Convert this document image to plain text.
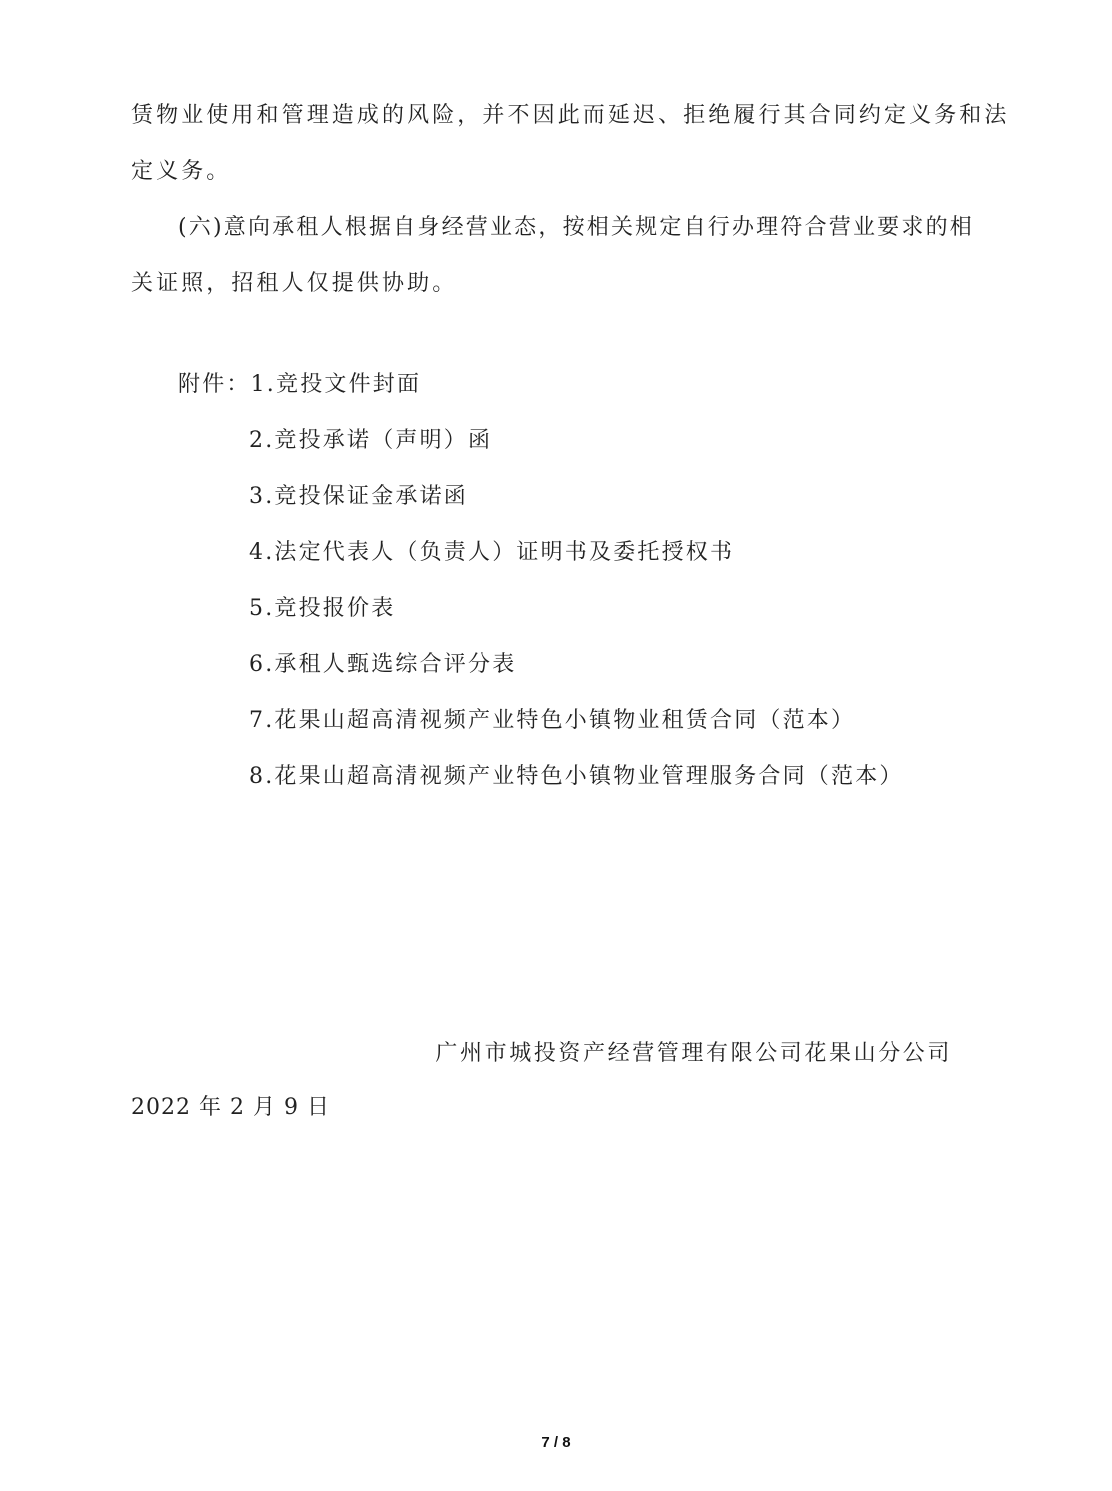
赁物业使用和管理造成的风险，并不因此而延迟、拒绝履行其合同约定义务和法
定义务。
(六)意向承租人根据自身经营业态，按相关规定自行办理符合营业要求的相
关证照，招租人仅提供协助。
附件：1.竞投文件封面
2.竞投承诺（声明）函
3.竞投保证金承诺函
4.法定代表人（负责人）证明书及委托授权书
5.竞投报价表
6.承租人甄选综合评分表
7.花果山超高清视频产业特色小镇物业租赁合同（范本）
8.花果山超高清视频产业特色小镇物业管理服务合同（范本）
广州市城投资产经营管理有限公司花果山分公司
2022 年 2 月 9 日
7 / 8
